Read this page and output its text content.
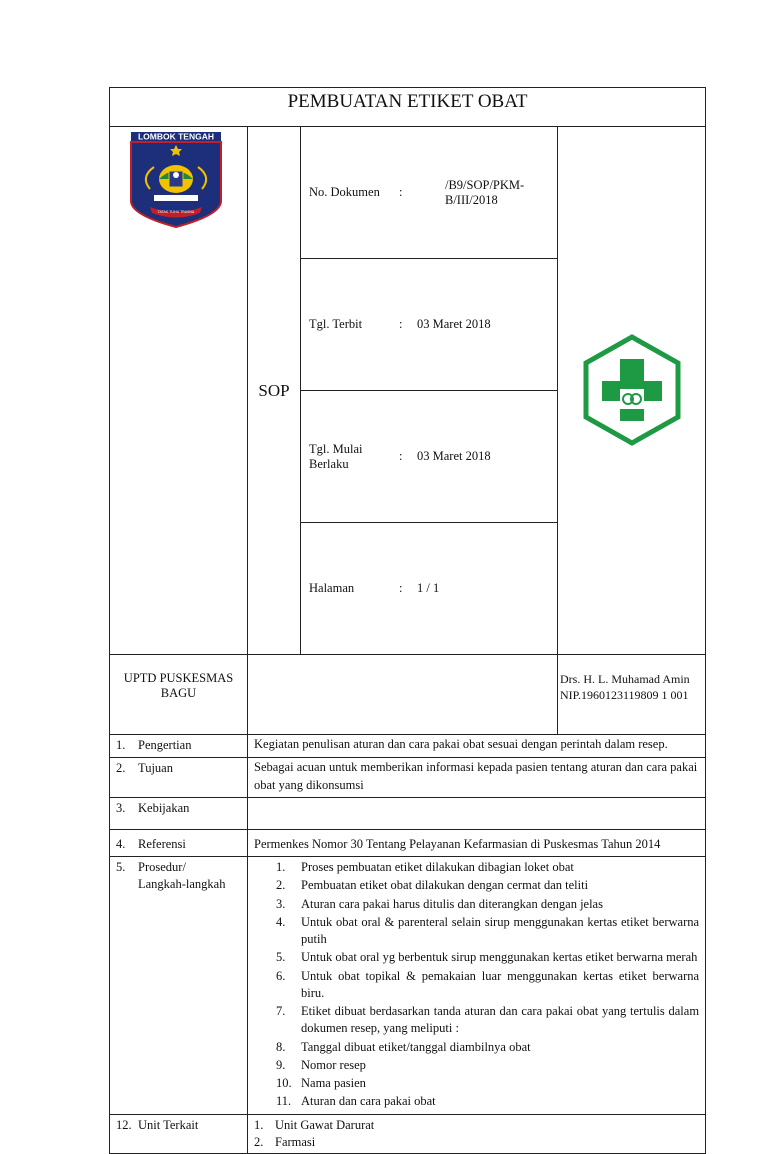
PEMBUATAN ETIKET OBAT

LOMBOK TENGAH
TATAS TUHU TRASNA
	SOP	
No. Dokumen	:	/B9/SOP/PKM-B/III/2018
Tgl. Terbit	:	03 Maret 2018
Tgl. Mulai Berlaku	:	03 Maret 2018
Halaman	:	1 / 1

UPTD PUSKESMAS
BAGU		Drs. H. L. Muhamad Amin
NIP.1960123119809 1 001
1. Pengertian	Kegiatan penulisan aturan dan cara pakai obat sesuai dengan perintah dalam resep.
2. Tujuan	Sebagai acuan untuk memberikan informasi kepada pasien tentang aturan dan cara pakai obat yang dikonsumsi
3. Kebijakan	
4. Referensi	Permenkes Nomor 30 Tentang Pelayanan Kefarmasian di Puskesmas Tahun 2014
5. Prosedur/
Langkah-langkah	
1.	Proses pembuatan etiket dilakukan dibagian loket obat
2.	Pembuatan etiket obat dilakukan dengan cermat dan teliti
3.	Aturan cara pakai harus ditulis dan diterangkan dengan jelas
4.	Untuk obat oral & parenteral selain sirup menggunakan kertas etiket berwarna putih
5.	Untuk obat oral yg berbentuk sirup menggunakan kertas etiket berwarna merah
6.	Untuk obat topikal & pemakaian luar menggunakan kertas etiket berwarna biru.
7.	Etiket dibuat berdasarkan tanda aturan dan cara pakai obat yang tertulis dalam dokumen resep, yang meliputi :
8.	Tanggal dibuat etiket/tanggal diambilnya obat
9.	Nomor resep
10. Nama pasien
11. Aturan dan cara pakai obat

12. Unit Terkait	1. Unit Gawat Darurat
2. Farmasi
